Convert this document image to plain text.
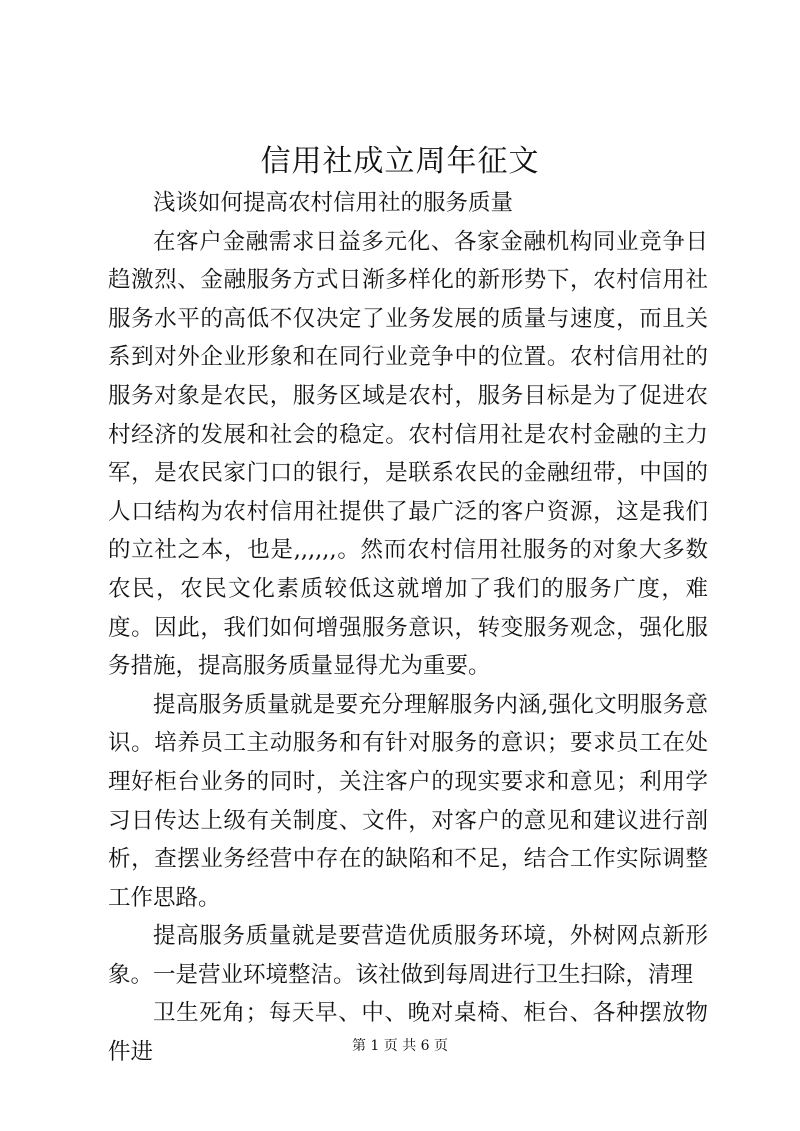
信用社成立周年征文

浅谈如何提高农村信用社的服务质量

在客户金融需求日益多元化、各家金融机构同业竞争日趋激烈、金融服务方式日渐多样化的新形势下，农村信用社服务水平的高低不仅决定了业务发展的质量与速度，而且关系到对外企业形象和在同行业竞争中的位置。农村信用社的服务对象是农民，服务区域是农村，服务目标是为了促进农村经济的发展和社会的稳定。农村信用社是农村金融的主力军，是农民家门口的银行，是联系农民的金融纽带，中国的人口结构为农村信用社提供了最广泛的客户资源，这是我们的立社之本，也是,,,,,,。然而农村信用社服务的对象大多数农民，农民文化素质较低这就增加了我们的服务广度，难度。因此，我们如何增强服务意识，转变服务观念，强化服务措施，提高服务质量显得尤为重要。

提高服务质量就是要充分理解服务内涵,强化文明服务意识。培养员工主动服务和有针对服务的意识；要求员工在处理好柜台业务的同时，关注客户的现实要求和意见；利用学习日传达上级有关制度、文件，对客户的意见和建议进行剖析，查摆业务经营中存在的缺陷和不足，结合工作实际调整工作思路。

提高服务质量就是要营造优质服务环境，外树网点新形象。一是营业环境整洁。该社做到每周进行卫生扫除，清理

卫生死角；每天早、中、晚对桌椅、柜台、各种摆放物件进	第 1 页 共 6 页
